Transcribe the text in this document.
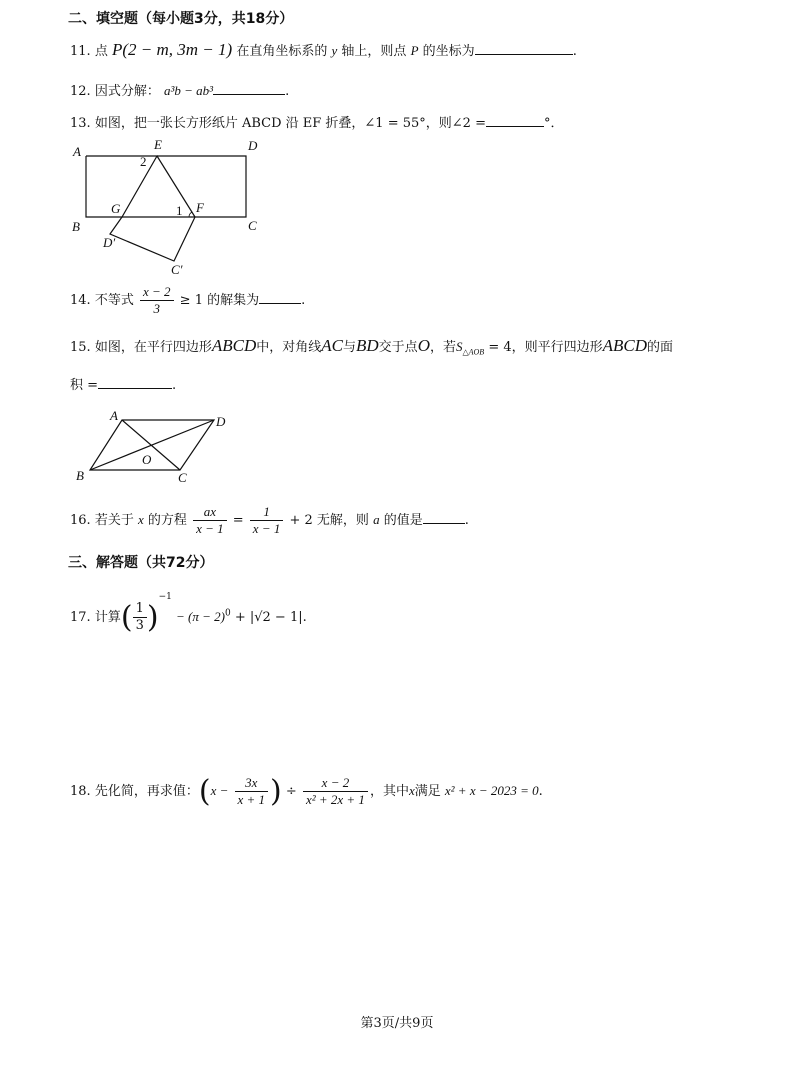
二、填空题（每小题3分，共18分）
11. 点 P(2 − m, 3m − 1) 在直角坐标系的 y 轴上，则点 P 的坐标为	.
12. 因式分解： a³b − ab³	.
13. 如图，把一张长方形纸片 ABCD 沿 EF 折叠，∠1 = 55°，则∠2 =	°．
A	E	D
2
B
G	1 F
C
D′
C′
14. 不等式 $\frac{x - 2}{3} \ge 1$ 的解集为	.
15. 如图，在平行四边形ABCD中，对角线AC与BD交于点O，若$S_{\triangle AOB} = 4$，则平行四边形ABCD的面
积 =	.
A	D
O
B	C
16. 若关于 x 的方程 $\frac{ax}{x - 1} = \frac{1}{x - 1} + 2$ 无解，则 a 的值是	.
三、解答题（共72分）
17. 计算( $\frac{1}{3} )^{-1} - (\pi - 2)^0 + |√2 - 1|$.
18. 先化简，再求值：($x - \frac{3x}{x + 1}$ ) ÷ $\frac{x - 2}{\text{x² + 2x + 1}}$ ，其中x满足 x² + x − 2023 = 0.
第3页/共9页
